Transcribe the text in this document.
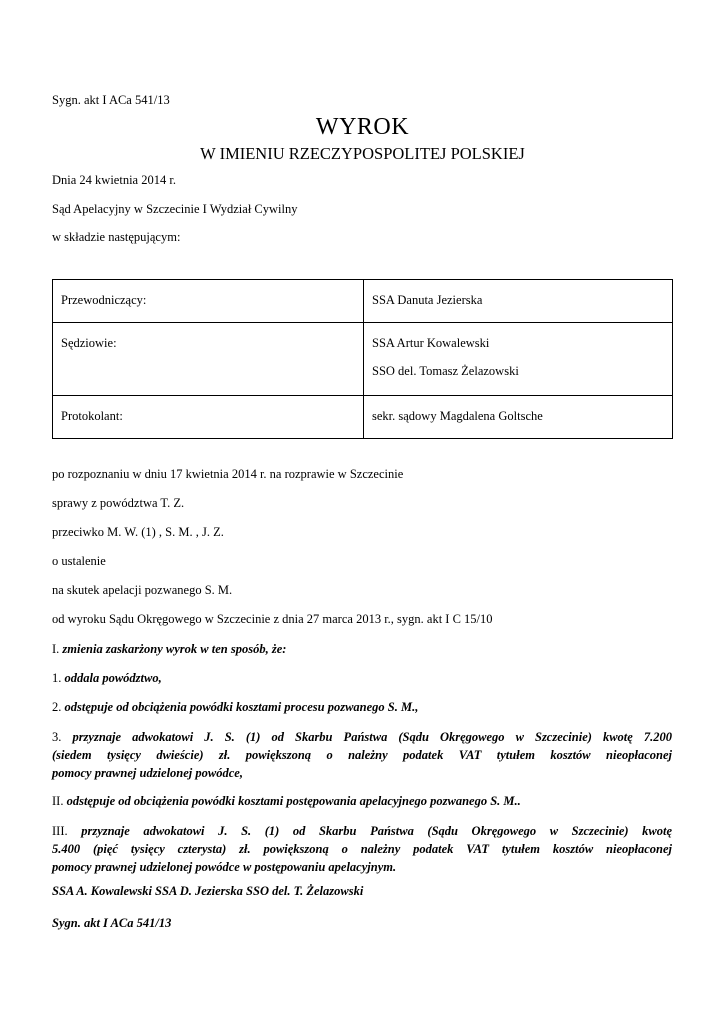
Sygn. akt I ACa 541/13
WYROK
W IMIENIU RZECZYPOSPOLITEJ POLSKIEJ
Dnia 24 kwietnia 2014 r.
Sąd Apelacyjny w Szczecinie I Wydział Cywilny
w składzie następującym:
Przewodniczący:	SSA Danuta Jezierska
Sędziowie:	SSA Artur Kowalewski
SSO del. Tomasz Żelazowski

Protokolant:	sekr. sądowy Magdalena Goltsche
po rozpoznaniu w dniu 17 kwietnia 2014 r. na rozprawie w Szczecinie
sprawy z powództwa T. Z.
przeciwko M. W. (1) , S. M. , J. Z.
o ustalenie
na skutek apelacji pozwanego S. M.
od wyroku Sądu Okręgowego w Szczecinie z dnia 27 marca 2013 r., sygn. akt I C 15/10
I. zmienia zaskarżony wyrok w ten sposób, że:
1. oddala powództwo,
2. odstępuje od obciążenia powódki kosztami procesu pozwanego S. M.,
3. przyznaje adwokatowi J. S. (1) od Skarbu Państwa (Sądu Okręgowego w Szczecinie) kwotę 7.200
(siedem tysięcy dwieście) zł. powiększoną o należny podatek VAT tytułem kosztów nieopłaconej
pomocy prawnej udzielonej powódce,
II. odstępuje od obciążenia powódki kosztami postępowania apelacyjnego pozwanego S. M..
III. przyznaje adwokatowi J. S. (1) od Skarbu Państwa (Sądu Okręgowego w Szczecinie) kwotę
5.400 (pięć tysięcy czterysta) zł. powiększoną o należny podatek VAT tytułem kosztów nieopłaconej
pomocy prawnej udzielonej powódce w postępowaniu apelacyjnym.
SSA A. Kowalewski SSA D. Jezierska SSO del. T. Żelazowski
Sygn. akt I ACa 541/13
